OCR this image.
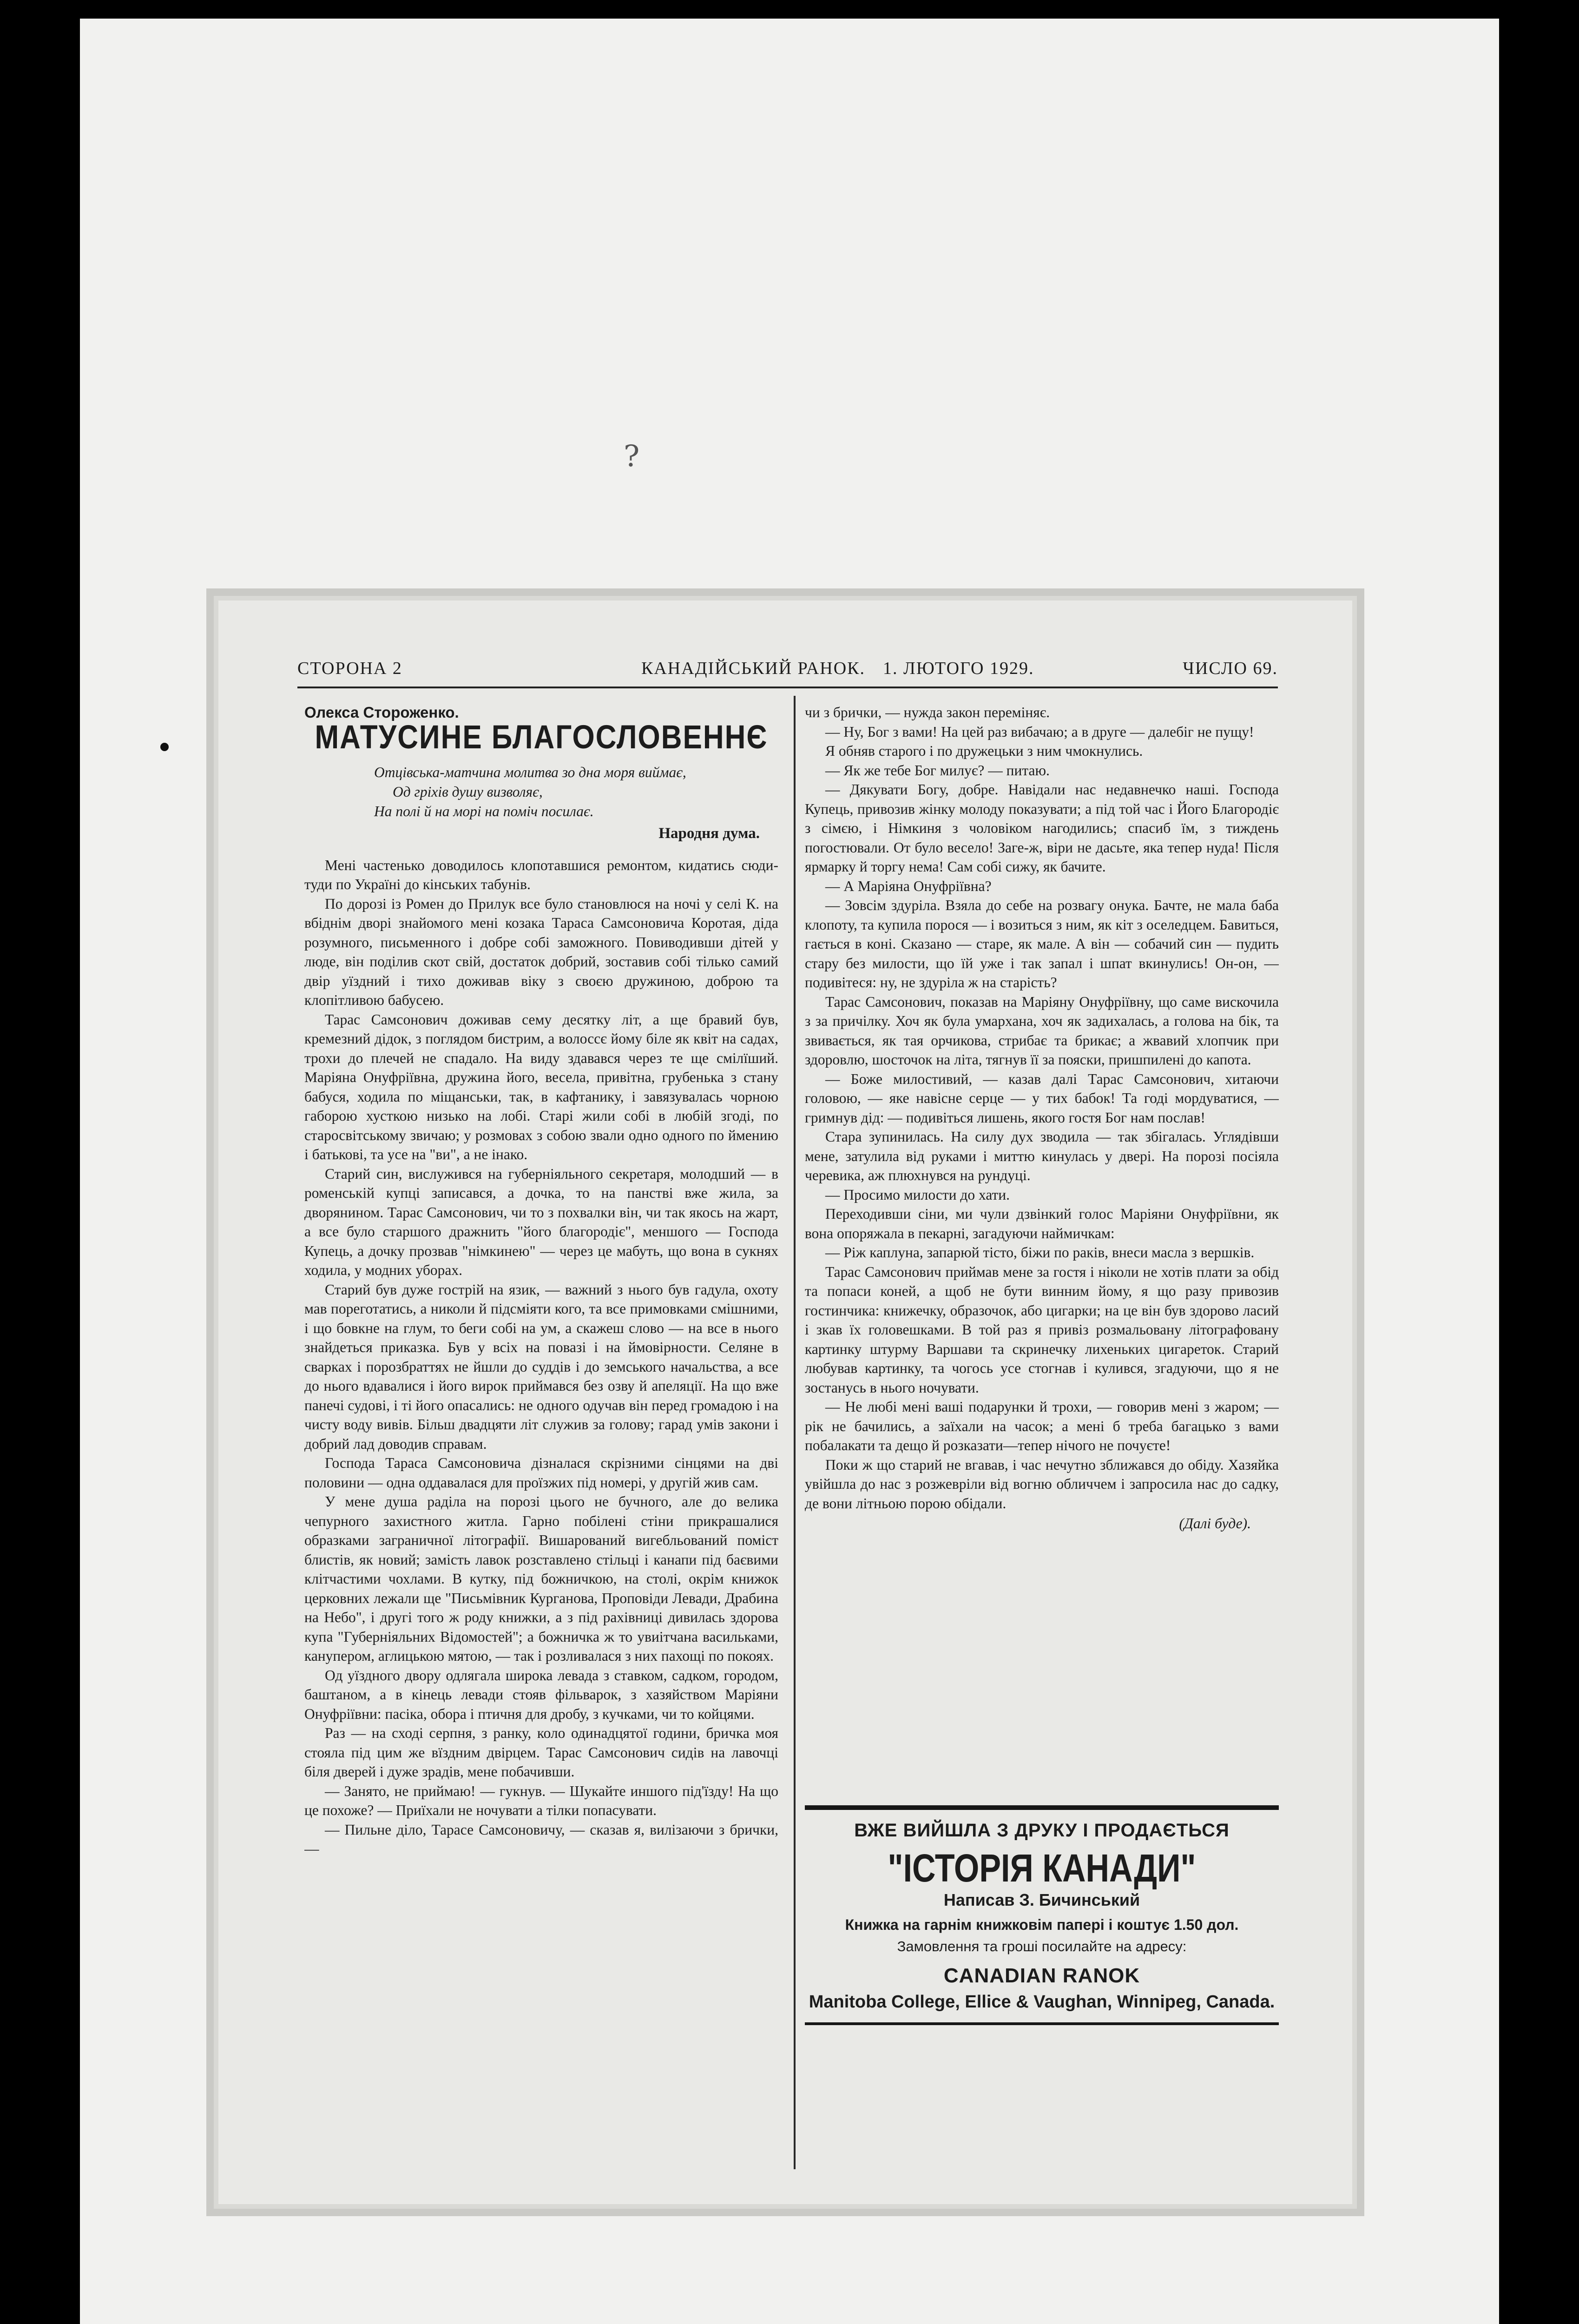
?
СТОРОНА 2	КАНАДІЙСЬКИЙ РАНОК. 1. ЛЮТОГО 1929.	ЧИСЛО 69.
Олекса Стороженко.
МАТУСИНЕ БЛАГОСЛОВЕННЄ
Отцівська-матчина молитва зо дна моря виймає,
Од гріхів душу визволяє,
На полі й на морі на поміч посилає.
Народня дума.

Мені частенько доводилось клопотавшися ремонтом, кидатись сюди-туди по Україні до кінських табунів.

По дорозі із Ромен до Прилук все було становлюся на ночі у селі К. на вбіднім дворі знайомого мені козака Тараса Самсоновича Коротая, діда розумного, письменного і добре собі заможного. Повиводивши дітей у люде, він поділив скот свій, достаток добрий, зоставив собі тілько самий двір уїздний і тихо доживав віку з своєю дружиною, доброю та клопітливою бабусею.

Тарас Самсонович доживав сему десятку літ, а ще бравий був, кремезний дідок, з поглядом бистрим, а волоссє йому біле як квіт на садах, трохи до плечей не спадало. На виду здавався через те ще смілїший. Маріяна Онуфріївна, дружина його, весела, привітна, грубенька з стану бабуся, ходила по міщанськи, так, в кафтанику, і завязувалась чорною габорою хусткою низько на лобі. Старі жили собі в любій згоді, по старосвітському звичаю; у розмовах з собою звали одно одного по ймению і батькові, та усе на "ви", а не інако.

Старий син, вислужився на губерніяльного секретаря, молодший — в роменській купці записався, а дочка, то на панстві вже жила, за дворянином. Тарас Самсонович, чи то з похвалки він, чи так якось на жарт, а все було старшого дражнить "його благородіє", меншого — Господа Купець, а дочку прозвав "німкинею" — через це мабуть, що вона в сукнях ходила, у модних уборах.

Старий був дуже гострій на язик, — важний з нього був гадула, охоту мав пореготатись, а николи й підсміяти кого, та все примовками смішними, і що бовкне на глум, то беги собі на ум, а скажеш слово — на все в нього знайдеться приказка. Був у всіх на повазі і на ймовірности. Селяне в сварках і порозбраттях не йшли до суддів і до земського начальства, а все до нього вдавалися і його вирок приймався без озву й апеляції. На що вже панечі судові, і ті його опасались: не одного одучав він перед громадою і на чисту воду вивів. Більш двадцяти літ служив за голову; гарад умів закони і добрий лад доводив справам.

Господа Тараса Самсоновича дізналася скрізними сінцями на дві половини — одна оддавалася для проїзжих під номері, у другій жив сам.

У мене душа раділа на порозі цього не бучного, але до велика чепурного захистного житла. Гарно побілені стіни прикрашалися образками заграничної літографії. Вишарований вигебльований поміст блистів, як новий; замість лавок розставлено стільці і канапи під баєвими клітчастими чохлами. В кутку, під божничкою, на столі, окрім книжок церковних лежали ще "Письмівник Курганова, Проповіди Левади, Драбина на Небо", і другі того ж роду книжки, а з під рахівниці дивилась здорова купа "Губерніяльних Відомостей"; а божничка ж то увиітчана васильками, канупером, аглицькою мятою, — так і розливалася з них пахощі по покоях.

Од уїздного двору одлягала широка левада з ставком, садком, городом, баштаном, а в кінець левади стояв фільварок, з хазяйством Маріяни Онуфріївни: пасіка, обора і птичня для дробу, з кучками, чи то койцями.

Раз — на сході серпня, з ранку, коло одинадцятої години, бричка моя стояла під цим же вїздним двірцем. Тарас Самсонович сидів на лавочці біля дверей і дуже зрадів, мене побачивши.

— Занято, не приймаю! — гукнув. — Шукайте иншого під'їзду! На що це похоже? — Приїхали не ночувати а тілки попасувати.

— Пильне діло, Тарасе Самсоновичу, — сказав я, вилізаючи з брички, —

чи з брички, — нужда закон переміняє.

— Ну, Бог з вами! На цей раз вибачаю; а в друге — далебіг не пущу!

Я обняв старого і по дружецьки з ним чмокнулись.

— Як же тебе Бог милує? — питаю.

— Дякувати Богу, добре. Навідали нас недавнечко наші. Господа Купець, привозив жінку молоду показувати; а під той час і Його Благородіє з сімєю, і Німкиня з чоловіком нагодились; спасиб їм, з тиждень погостювали. От було весело! Заге-ж, віри не дасьте, яка тепер нуда! Після ярмарку й торгу нема! Сам собі сижу, як бачите.

— А Маріяна Онуфріївна?

— Зовсім здуріла. Взяла до себе на розвагу онука. Бачте, не мала баба клопоту, та купила порося — і возиться з ним, як кіт з оселедцем. Бавиться, гається в коні. Сказано — старе, як мале. А він — собачий син — пудить стару без милости, що їй уже і так запал і шпат вкинулись! Он-он, — подивітеся: ну, не здуріла ж на старість?

Тарас Самсонович, показав на Маріяну Онуфріївну, що саме вискочила з за причілку. Хоч як була умархана, хоч як задихалась, а голова на бік, та звивається, як тая орчикова, стрибає та брикає; а жвавий хлопчик при здоровлю, шосточок на літа, тягнув її за пояски, пришпилені до капота.

— Боже милостивий, — казав далі Тарас Самсонович, хитаючи головою, — яке навісне серце — у тих бабок! Та годі мордуватися, — гримнув дід: — подивіться лишень, якого гостя Бог нам послав!

Стара зупинилась. На силу дух зводила — так збігалась. Углядівши мене, затулила від руками і миттю кинулась у двері. На порозі посіяла черевика, аж плюхнувся на рундуці.

— Просимо милости до хати.

Переходивши сіни, ми чули дзвінкий голос Маріяни Онуфріївни, як вона опоряжала в пекарні, загадуючи наймичкам:

— Ріж каплуна, запарюй тісто, біжи по раків, внеси масла з вершків.

Тарас Самсонович приймав мене за гостя і ніколи не хотів плати за обід та попаси коней, а щоб не бути винним йому, я що разу привозив гостинчика: книжечку, образочок, або цигарки; на це він був здорово ласий і зкав їх головешками. В той раз я привіз розмальовану літографовану картинку штурму Варшави та скринечку лихеньких цигареток. Старий любував картинку, та чогось усе стогнав і кулився, згадуючи, що я не зостанусь в нього ночувати.

— Не любі мені ваші подарунки й трохи, — говорив мені з жаром; — рік не бачились, а заїхали на часок; а мені б треба багацько з вами побалакати та дещо й розказати—тепер нічого не почуєте!

Поки ж що старий не вгавав, і час нечутно зближався до обіду. Хазяйка увійшла до нас з розжевріли від вогню обличчем і запросила нас до садку, де вони літньою порою обідали.

(Далі буде).
ВЖЕ ВИЙШЛА З ДРУКУ І ПРОДАЄТЬСЯ
"ІСТОРІЯ КАНАДИ"
Написав З. Бичинський
Книжка на гарнім книжковім папері і коштує 1.50 дол.
Замовлення та гроші посилайте на адресу:
CANADIAN RANOK
Manitoba College, Ellice & Vaughan, Winnipeg, Canada.
